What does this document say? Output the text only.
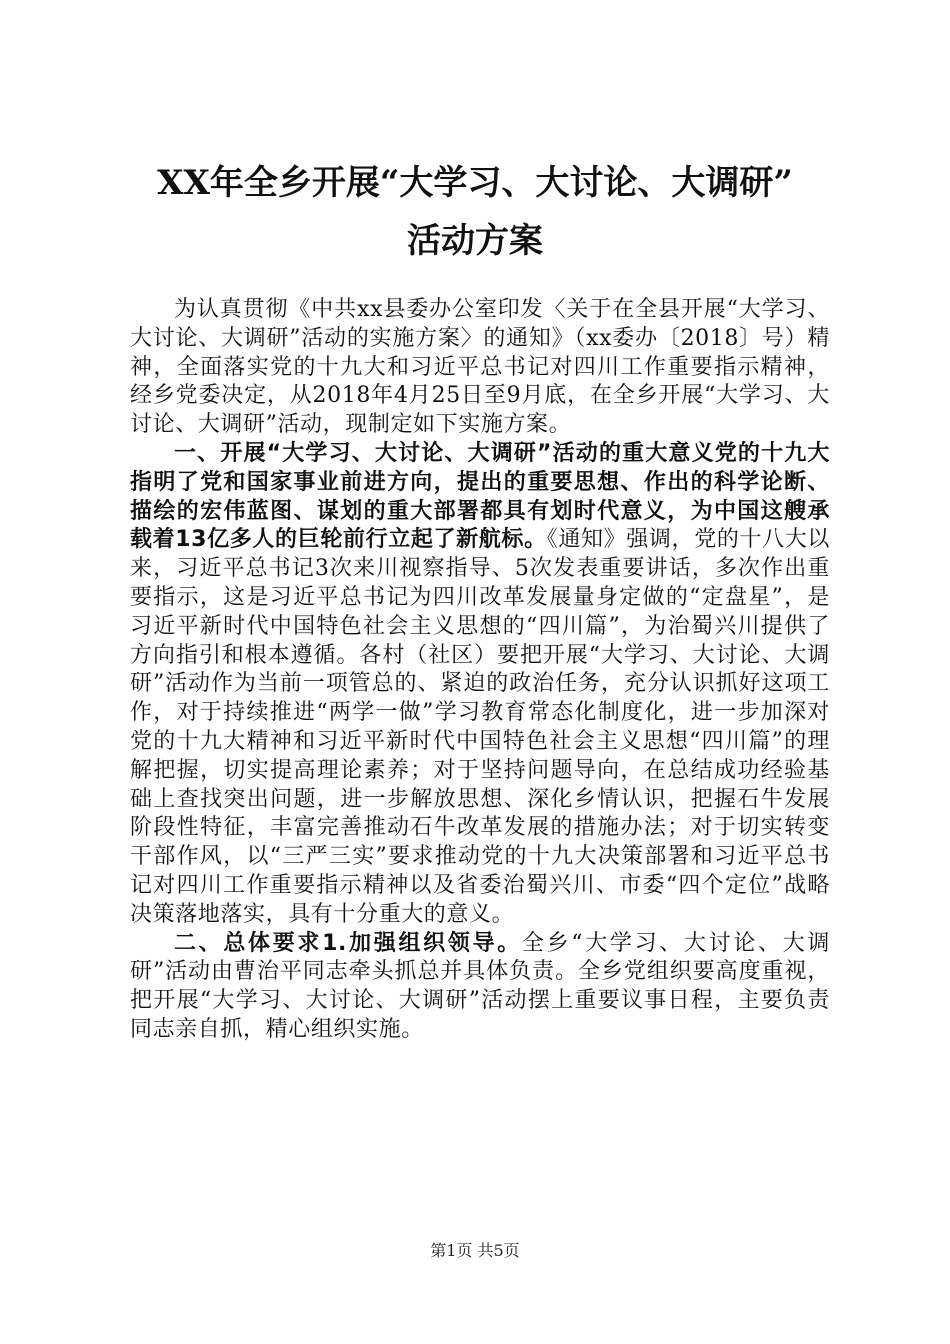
XX年全乡开展“大学习、大讨论、大调研”
活动方案

为认真贯彻《中共xx县委办公室印发〈关于在全县开展“大学习、大讨论、大调研”活动的实施方案〉的通知》（xx委办〔2018〕号）精神，全面落实党的十九大和习近平总书记对四川工作重要指示精神，经乡党委决定，从2018年4月25日至9月底，在全乡开展“大学习、大讨论、大调研”活动，现制定如下实施方案。

一、开展“大学习、大讨论、大调研”活动的重大意义党的十九大指明了党和国家事业前进方向，提出的重要思想、作出的科学论断、描绘的宏伟蓝图、谋划的重大部署都具有划时代意义，为中国这艘承载着13亿多人的巨轮前行立起了新航标。《通知》强调，党的十八大以来，习近平总书记3次来川视察指导、5次发表重要讲话，多次作出重要指示，这是习近平总书记为四川改革发展量身定做的“定盘星”，是习近平新时代中国特色社会主义思想的“四川篇”，为治蜀兴川提供了方向指引和根本遵循。各村（社区）要把开展“大学习、大讨论、大调研”活动作为当前一项管总的、紧迫的政治任务，充分认识抓好这项工作，对于持续推进“两学一做”学习教育常态化制度化，进一步加深对党的十九大精神和习近平新时代中国特色社会主义思想“四川篇”的理解把握，切实提高理论素养；对于坚持问题导向，在总结成功经验基础上查找突出问题，进一步解放思想、深化乡情认识，把握石牛发展阶段性特征，丰富完善推动石牛改革发展的措施办法；对于切实转变干部作风，以“三严三实”要求推动党的十九大决策部署和习近平总书记对四川工作重要指示精神以及省委治蜀兴川、市委“四个定位”战略决策落地落实，具有十分重大的意义。

二、总体要求1.加强组织领导。全乡“大学习、大讨论、大调研”活动由曹治平同志牵头抓总并具体负责。全乡党组织要高度重视，把开展“大学习、大讨论、大调研”活动摆上重要议事日程，主要负责同志亲自抓，精心组织实施。

第1页 共5页
